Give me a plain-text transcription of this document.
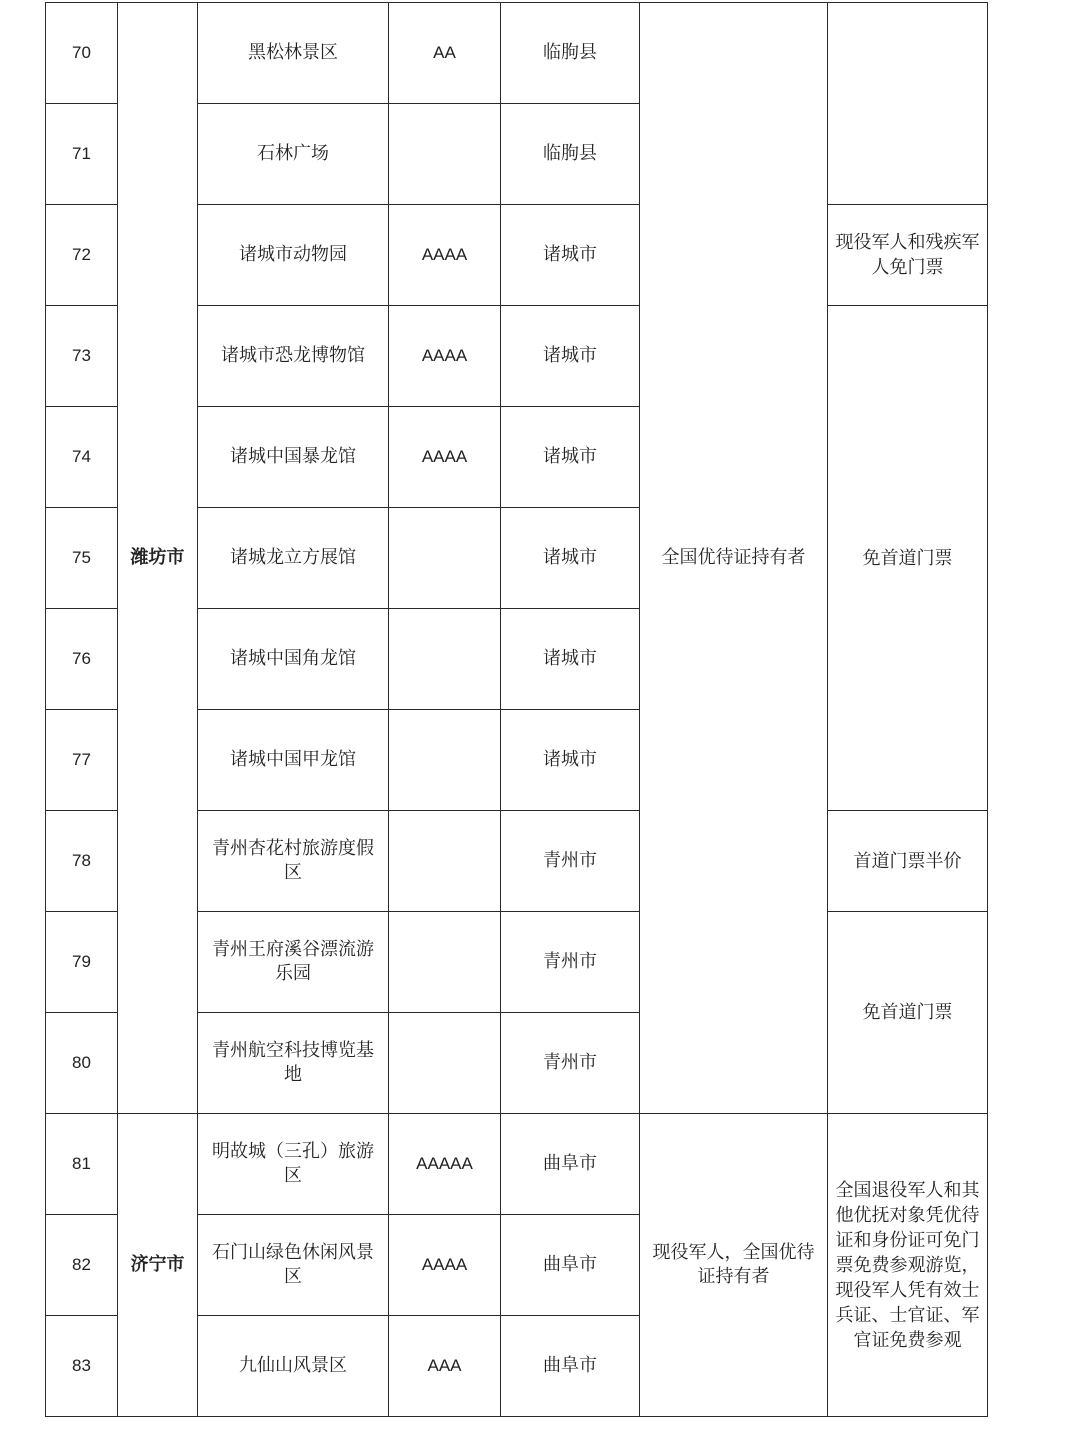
70	潍坊市	黑松林景区	AA	临朐县	全国优待证持有者	
71		石林广场		临朐县		
72		诸城市动物园	AAAA	诸城市		现役军人和残疾军人免门票
73		诸城市恐龙博物馆	AAAA	诸城市		免首道门票
74		诸城中国暴龙馆	AAAA	诸城市		
75		诸城龙立方展馆		诸城市		
76		诸城中国角龙馆		诸城市		
77		诸城中国甲龙馆		诸城市		
78		青州杏花村旅游度假区		青州市		首道门票半价
79		青州王府溪谷漂流游乐园		青州市		免首道门票
80		青州航空科技博览基地		青州市		
81	济宁市	明故城（三孔）旅游区	AAAAA	曲阜市	现役军人，全国优待证持有者	全国退役军人和其他优抚对象凭优待证和身份证可免门票免费参观游览，现役军人凭有效士兵证、士官证、军官证免费参观
82		石门山绿色休闲风景区	AAAA	曲阜市		
83		九仙山风景区	AAA	曲阜市		
